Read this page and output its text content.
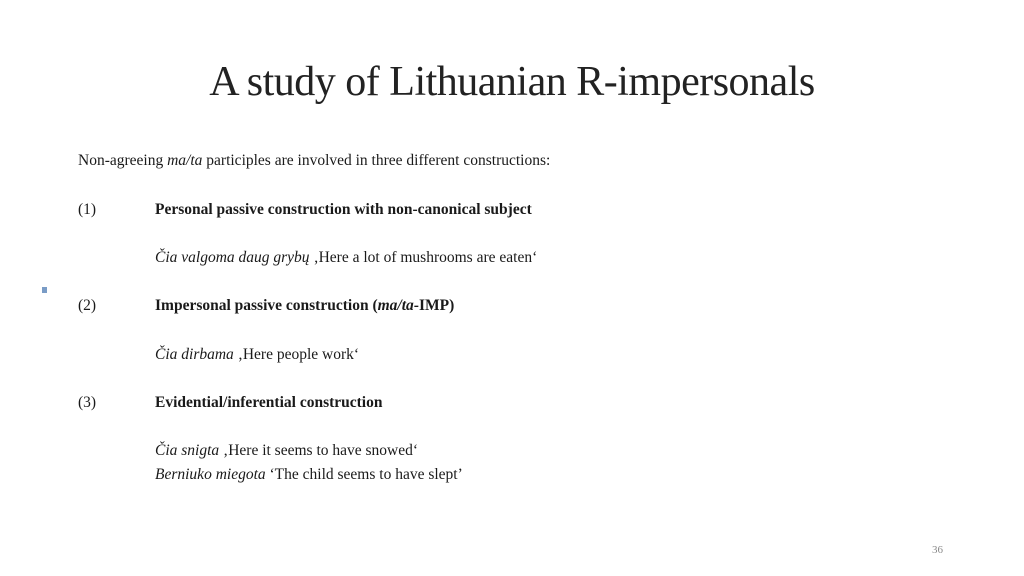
A study of Lithuanian R-impersonals
Non-agreeing ma/ta participles are involved in three different constructions:
(1)	Personal passive construction with non-canonical subject
Čia valgoma daug grybų ‚Here a lot of mushrooms are eaten‘
(2)	Impersonal passive construction (ma/ta-IMP)
Čia dirbama ‚Here people work‘
(3)	Evidential/inferential construction
Čia snigta ‚Here it seems to have snowed‘
Berniuko miegota ‘The child seems to have slept’
36
